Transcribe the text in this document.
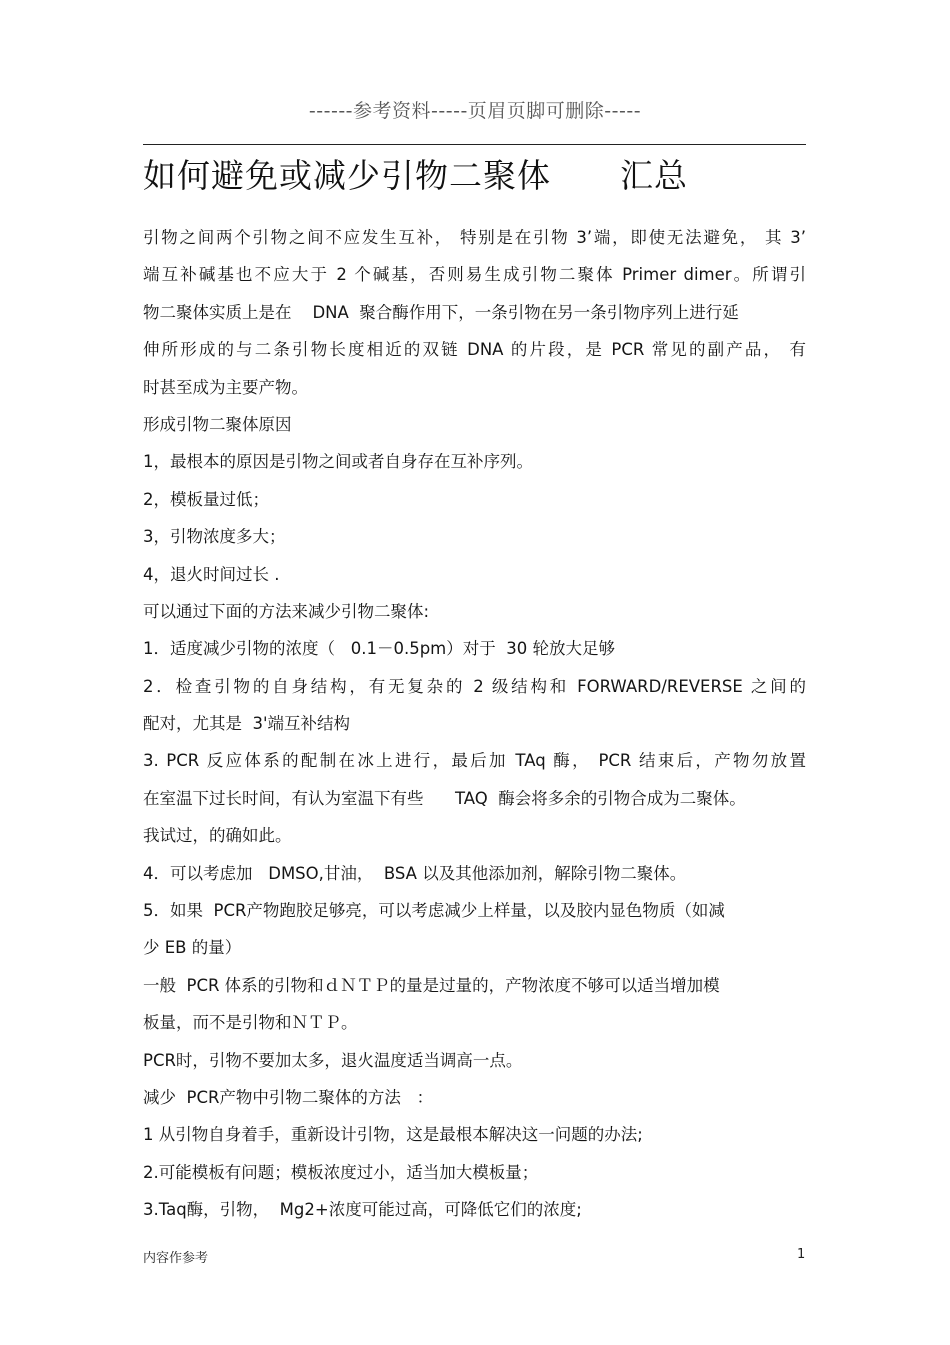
------参考资料-----页眉页脚可删除-----
如何避免或减少引物二聚体      汇总
引物之间两个引物之间不应发生互补， 特别是在引物 3’端，即使无法避免， 其 3’
端互补碱基也不应大于 2 个碱基，否则易生成引物二聚体 Primer dimer。所谓引
物二聚体实质上是在    DNA  聚合酶作用下，一条引物在另一条引物序列上进行延
伸所形成的与二条引物长度相近的双链 DNA 的片段，是 PCR 常见的副产品， 有
时甚至成为主要产物。
形成引物二聚体原因
1，最根本的原因是引物之间或者自身存在互补序列。
2，模板量过低；
3，引物浓度多大；
4，退火时间过长 .
可以通过下面的方法来减少引物二聚体:
1．适度减少引物的浓度（   0.1－0.5pm）对于  30 轮放大足够
2．检查引物的自身结构，有无复杂的 2 级结构和 FORWARD/REVERSE 之间的
配对，尤其是  3'端互补结构
3. PCR 反应体系的配制在冰上进行，最后加 TAq 酶， PCR 结束后，产物勿放置
在室温下过长时间，有认为室温下有些      TAQ  酶会将多余的引物合成为二聚体。
我试过，的确如此。
4．可以考虑加   DMSO,甘油，  BSA 以及其他添加剂，解除引物二聚体。
5．如果  PCR产物跑胶足够亮，可以考虑减少上样量，以及胶内显色物质（如减
少 EB 的量）
一般  PCR 体系的引物和ｄＮＴＰ的量是过量的，产物浓度不够可以适当增加模
板量，而不是引物和ＮＴＰ。
PCR时，引物不要加太多，退火温度适当调高一点。
减少  PCR产物中引物二聚体的方法   ：
1 从引物自身着手，重新设计引物，这是最根本解决这一问题的办法;
2.可能模板有问题；模板浓度过小，适当加大模板量；
3.Taq酶，引物，  Mg2+浓度可能过高，可降低它们的浓度;
内容作参考	1
